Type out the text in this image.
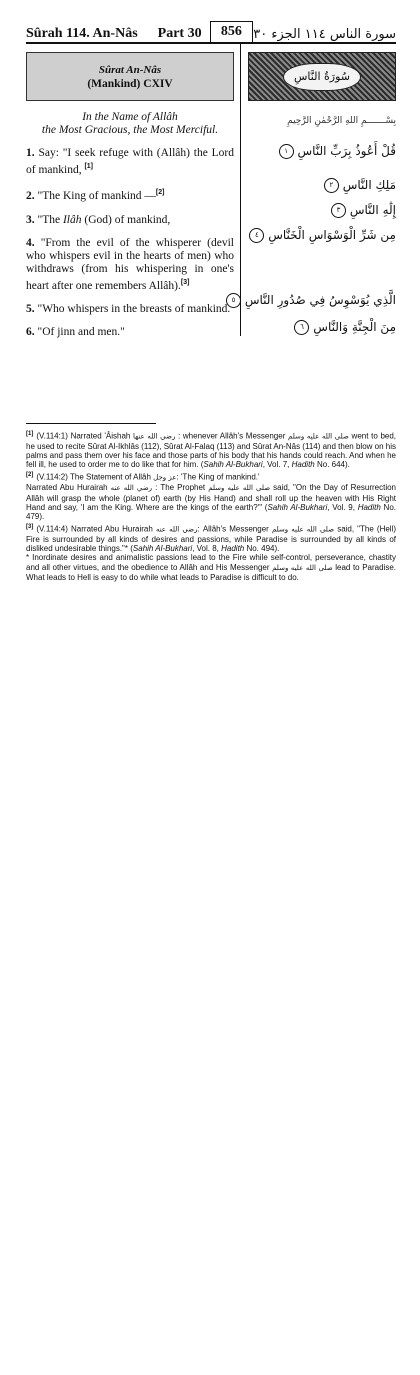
Sûrah 114. An-Nâs Part 30	856 سورة الناس ١١٤ الجزء ٣٠
Sûrat An-Nâs
(Mankind) CXIV
In the Name of Allâh
the Most Gracious, the Most Merciful.
1. Say: "I seek refuge with (Allâh) the Lord of mankind, [1]
2. "The King of mankind —[2]
3. "The Ilâh (God) of mankind,
4. "From the evil of the whisperer (devil who whispers evil in the hearts of men) who withdraws (from his whispering in one's heart after one remembers Allâh).[3]
5. "Who whispers in the breasts of mankind.
6. "Of jinn and men."
سُورَةُ النَّاسِ
بِسْـــــــمِ اللهِ الرَّحْمٰنِ الرَّحِيمِ
قُلْ أَعُوذُ بِرَبِّ النَّاسِ ١
مَلِكِ النَّاسِ ٢
إِلَٰهِ النَّاسِ ٣
مِن شَرِّ الْوَسْوَاسِ الْخَنَّاسِ ٤
الَّذِي يُوَسْوِسُ فِي صُدُورِ النَّاسِ ٥
مِنَ الْجِنَّةِ وَالنَّاسِ ٦

[1] (V.114:1) Narrated 'Âishah رضي الله عنها : whenever Allâh's Messenger صلى الله عليه وسلم went to bed, he used to recite Sûrat Al-Ikhlâs (112), Sûrat Al-Falaq (113) and Sûrat An-Nâs (114) and then blow on his palms and pass them over his face and those parts of his body that his hands could reach. And when he fell ill, he used to order me to do like that for him. (Sahih Al-Bukhari, Vol. 7, Hadith No. 644).

[2] (V.114:2) The Statement of Allâh عز وجل: 'The King of mankind.'
Narrated Abu Hurairah رضي الله عنه : The Prophet صلى الله عليه وسلم said, "On the Day of Resurrection Allâh will grasp the whole (planet of) earth (by His Hand) and shall roll up the heaven with His Right Hand and say, 'I am the King. Where are the kings of the earth?'" (Sahih Al-Bukhari, Vol. 9, Hadith No. 479).

[3] (V.114:4) Narrated Abu Hurairah رضي الله عنه: Allâh's Messenger صلى الله عليه وسلم said, "The (Hell) Fire is surrounded by all kinds of desires and passions, while Paradise is surrounded by all kinds of disliked undesirable things."* (Sahih Al-Bukhari, Vol. 8, Hadith No. 494).
* Inordinate desires and animalistic passions lead to the Fire while self-control, perseverance, chastity and all other virtues, and the obedience to Allâh and His Messenger صلى الله عليه وسلم lead to Paradise. What leads to Hell is easy to do while what leads to Paradise is difficult to do.
